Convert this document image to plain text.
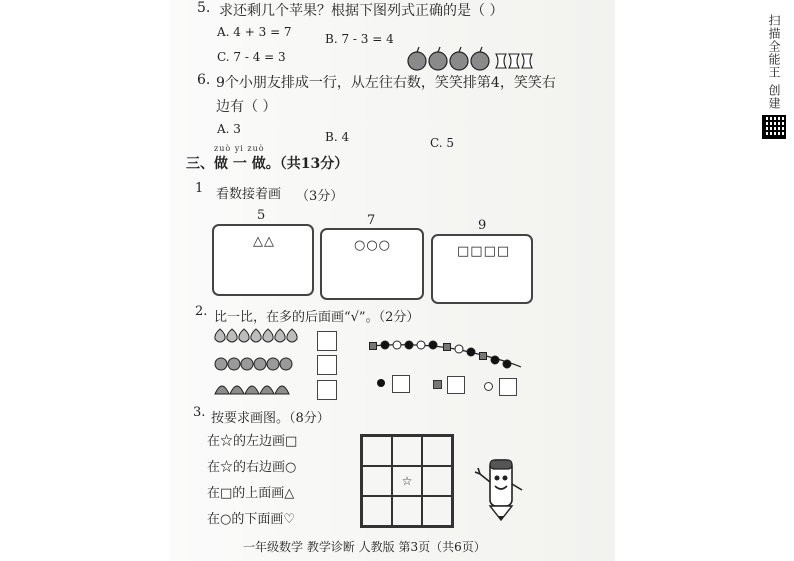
5. 求还剩几个苹果？根据下图列式正确的是（ ）
A. 4 + 3 = 7	B. 7 - 3 = 4
C. 7 - 4 = 3
6. 9个小朋友排成一行，从左往右数，笑笑排第4，笑笑右
边有（ ）
A. 3
B. 4	C. 5
zuò yi zuò
三、做 一 做。（共13分）
1 看数接着画 （3分）
5	7	9
△△	○○○	□□□□
2. 比一比，在多的后面画“√”。（2分）
3. 按要求画图。（8分）
在☆的左边画□
在☆的右边画○
在□的上面画△
在○的下面画♡
☆
一年级数学 教学诊断 人教版 第3页（共6页）
扫描全能王 创建
